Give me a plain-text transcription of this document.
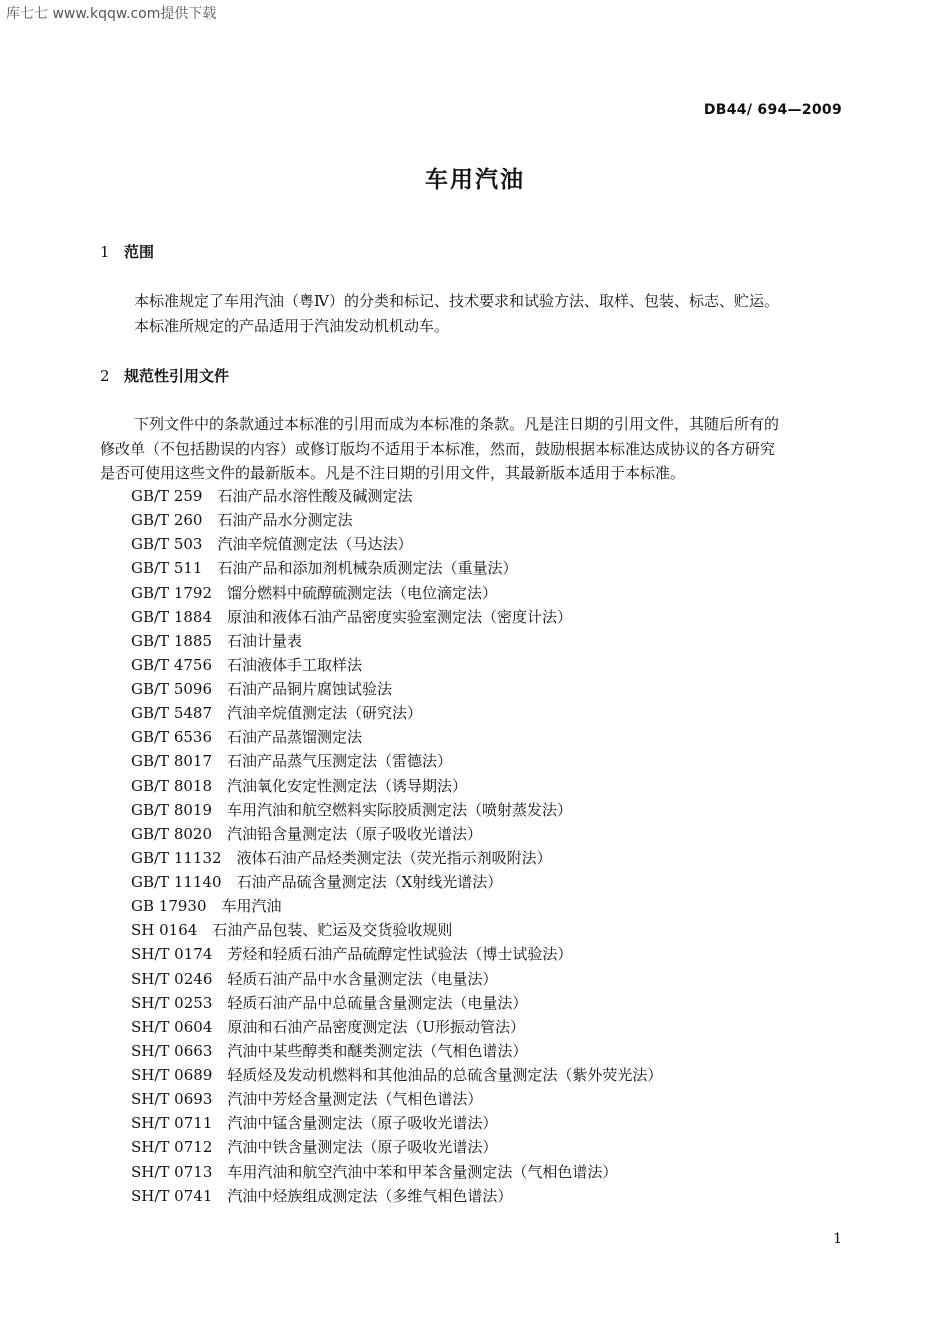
库七七 www.kqqw.com提供下载
DB44/ 694—2009
车用汽油
1 范围
本标准规定了车用汽油（粤Ⅳ）的分类和标记、技术要求和试验方法、取样、包装、标志、贮运。
本标准所规定的产品适用于汽油发动机机动车。
2 规范性引用文件
下列文件中的条款通过本标准的引用而成为本标准的条款。凡是注日期的引用文件，其随后所有的
修改单（不包括勘误的内容）或修订版均不适用于本标准，然而，鼓励根据本标准达成协议的各方研究
是否可使用这些文件的最新版本。凡是不注日期的引用文件，其最新版本适用于本标准。
GB/T 259 石油产品水溶性酸及碱测定法
GB/T 260 石油产品水分测定法
GB/T 503 汽油辛烷值测定法（马达法）
GB/T 511 石油产品和添加剂机械杂质测定法（重量法）
GB/T 1792 馏分燃料中硫醇硫测定法（电位滴定法）
GB/T 1884 原油和液体石油产品密度实验室测定法（密度计法）
GB/T 1885 石油计量表
GB/T 4756 石油液体手工取样法
GB/T 5096 石油产品铜片腐蚀试验法
GB/T 5487 汽油辛烷值测定法（研究法）
GB/T 6536 石油产品蒸馏测定法
GB/T 8017 石油产品蒸气压测定法（雷德法）
GB/T 8018 汽油氧化安定性测定法（诱导期法）
GB/T 8019 车用汽油和航空燃料实际胶质测定法（喷射蒸发法）
GB/T 8020 汽油铅含量测定法（原子吸收光谱法）
GB/T 11132 液体石油产品烃类测定法（荧光指示剂吸附法）
GB/T 11140 石油产品硫含量测定法（X射线光谱法）
GB 17930 车用汽油
SH 0164 石油产品包装、贮运及交货验收规则
SH/T 0174 芳烃和轻质石油产品硫醇定性试验法（博士试验法）
SH/T 0246 轻质石油产品中水含量测定法（电量法）
SH/T 0253 轻质石油产品中总硫量含量测定法（电量法）
SH/T 0604 原油和石油产品密度测定法（U形振动管法）
SH/T 0663 汽油中某些醇类和醚类测定法（气相色谱法）
SH/T 0689 轻质烃及发动机燃料和其他油品的总硫含量测定法（紫外荧光法）
SH/T 0693 汽油中芳烃含量测定法（气相色谱法）
SH/T 0711 汽油中锰含量测定法（原子吸收光谱法）
SH/T 0712 汽油中铁含量测定法（原子吸收光谱法）
SH/T 0713 车用汽油和航空汽油中苯和甲苯含量测定法（气相色谱法）
SH/T 0741 汽油中烃族组成测定法（多维气相色谱法）
1
